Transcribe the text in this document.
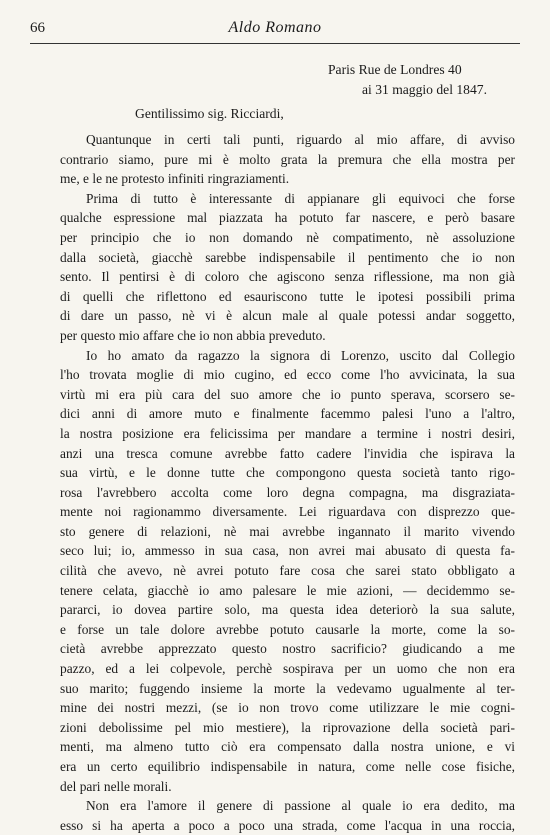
66	Aldo Romano
Paris Rue de Londres 40
ai 31 maggio del 1847.
Gentilissimo sig. Ricciardi,
Quantunque in certi tali punti, riguardo al mio affare, di avviso
contrario siamo, pure mi è molto grata la premura che ella mostra per
me, e le ne protesto infiniti ringraziamenti.
Prima di tutto è interessante di appianare gli equivoci che forse
qualche espressione mal piazzata ha potuto far nascere, e però basare
per principio che io non domando nè compatimento, nè assoluzione
dalla società, giacchè sarebbe indispensabile il pentimento che io non
sento. Il pentirsi è di coloro che agiscono senza riflessione, ma non già
di quelli che riflettono ed esauriscono tutte le ipotesi possibili prima
di dare un passo, nè vi è alcun male al quale potessi andar soggetto,
per questo mio affare che io non abbia preveduto.
Io ho amato da ragazzo la signora di Lorenzo, uscito dal Collegio
l'ho trovata moglie di mio cugino, ed ecco come l'ho avvicinata, la sua
virtù mi era più cara del suo amore che io punto sperava, scorsero se-
dici anni di amore muto e finalmente facemmo palesi l'uno a l'altro,
la nostra posizione era felicissima per mandare a termine i nostri desiri,
anzi una tresca comune avrebbe fatto cadere l'invidia che ispirava la
sua virtù, e le donne tutte che compongono questa società tanto rigo-
rosa l'avrebbero accolta come loro degna compagna, ma disgraziata-
mente noi ragionammo diversamente. Lei riguardava con disprezzo que-
sto genere di relazioni, nè mai avrebbe ingannato il marito vivendo
seco lui; io, ammesso in sua casa, non avrei mai abusato di questa fa-
cilità che avevo, nè avrei potuto fare cosa che sarei stato obbligato a
tenere celata, giacchè io amo palesare le mie azioni, — decidemmo se-
pararci, io dovea partire solo, ma questa idea deteriorò la sua salute,
e forse un tale dolore avrebbe potuto causarle la morte, come la so-
cietà avrebbe apprezzato questo nostro sacrificio? giudicando a me
pazzo, ed a lei colpevole, perchè sospirava per un uomo che non era
suo marito; fuggendo insieme la morte la vedevamo ugualmente al ter-
mine dei nostri mezzi, (se io non trovo come utilizzare le mie cogni-
zioni debolissime pel mio mestiere), la riprovazione della società pari-
menti, ma almeno tutto ciò era compensato dalla nostra unione, e vi
era un certo equilibrio indispensabile in natura, come nelle cose fisiche,
del pari nelle morali.
Non era l'amore il genere di passione al quale io era dedito, ma
esso si ha aperta a poco a poco una strada, come l'acqua in una roccia,
